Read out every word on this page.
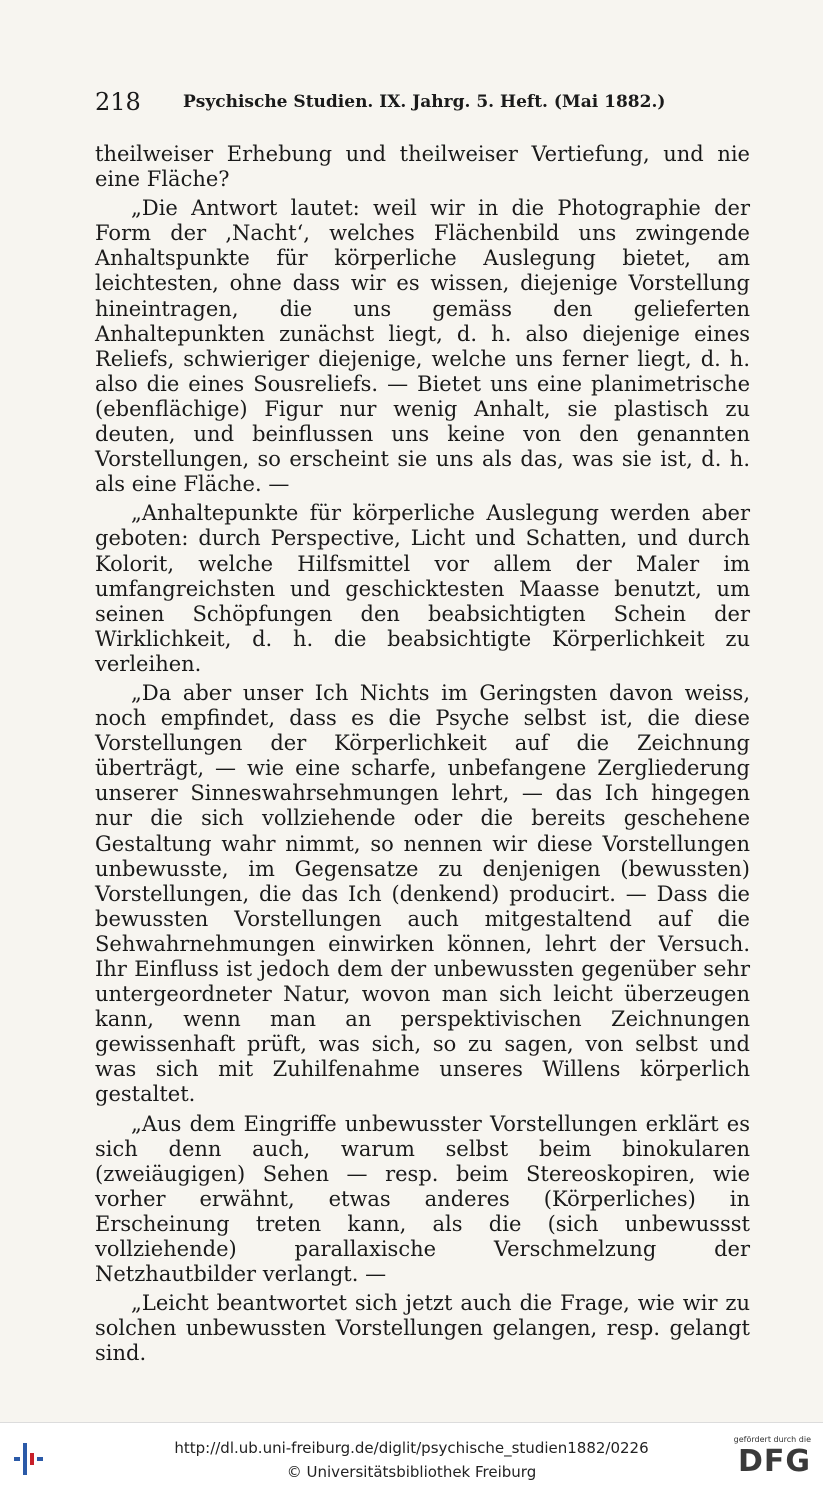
218 Psychische Studien. IX. Jahrg. 5. Heft. (Mai 1882.)

theilweiser Erhebung und theilweiser Vertiefung, und nie eine Fläche?

„Die Antwort lautet: weil wir in die Photographie der Form der ‚Nacht‘, welches Flächenbild uns zwingende Anhaltspunkte für körperliche Auslegung bietet, am leichtesten, ohne dass wir es wissen, diejenige Vorstellung hineintragen, die uns gemäss den gelieferten Anhaltepunkten zunächst liegt, d. h. also diejenige eines Reliefs, schwieriger diejenige, welche uns ferner liegt, d. h. also die eines Sousreliefs. — Bietet uns eine planimetrische (ebenflächige) Figur nur wenig Anhalt, sie plastisch zu deuten, und beinflussen uns keine von den genannten Vorstellungen, so erscheint sie uns als das, was sie ist, d. h. als eine Fläche. —

„Anhaltepunkte für körperliche Auslegung werden aber geboten: durch Perspective, Licht und Schatten, und durch Kolorit, welche Hilfsmittel vor allem der Maler im umfangreichsten und geschicktesten Maasse benutzt, um seinen Schöpfungen den beabsichtigten Schein der Wirklichkeit, d. h. die beabsichtigte Körperlichkeit zu verleihen.

„Da aber unser Ich Nichts im Geringsten davon weiss, noch empfindet, dass es die Psyche selbst ist, die diese Vorstellungen der Körperlichkeit auf die Zeichnung überträgt, — wie eine scharfe, unbefangene Zergliederung unserer Sinneswahrsehmungen lehrt, — das Ich hingegen nur die sich vollziehende oder die bereits geschehene Gestaltung wahr nimmt, so nennen wir diese Vorstellungen unbewusste, im Gegensatze zu denjenigen (bewussten) Vorstellungen, die das Ich (denkend) producirt. — Dass die bewussten Vorstellungen auch mitgestaltend auf die Sehwahrnehmungen einwirken können, lehrt der Versuch. Ihr Einfluss ist jedoch dem der unbewussten gegenüber sehr untergeordneter Natur, wovon man sich leicht überzeugen kann, wenn man an perspektivischen Zeichnungen gewissenhaft prüft, was sich, so zu sagen, von selbst und was sich mit Zuhilfenahme unseres Willens körperlich gestaltet.

„Aus dem Eingriffe unbewusster Vorstellungen erklärt es sich denn auch, warum selbst beim binokularen (zweiäugigen) Sehen — resp. beim Stereoskopiren, wie vorher erwähnt, etwas anderes (Körperliches) in Erscheinung treten kann, als die (sich unbewussst vollziehende) parallaxische Verschmelzung der Netzhautbilder verlangt. —

„Leicht beantwortet sich jetzt auch die Frage, wie wir zu solchen unbewussten Vorstellungen gelangen, resp. gelangt sind.

http://dl.ub.uni-freiburg.de/diglit/psychische_studien1882/0226
© Universitätsbibliothek Freiburg
gefördert durch die
DFG
